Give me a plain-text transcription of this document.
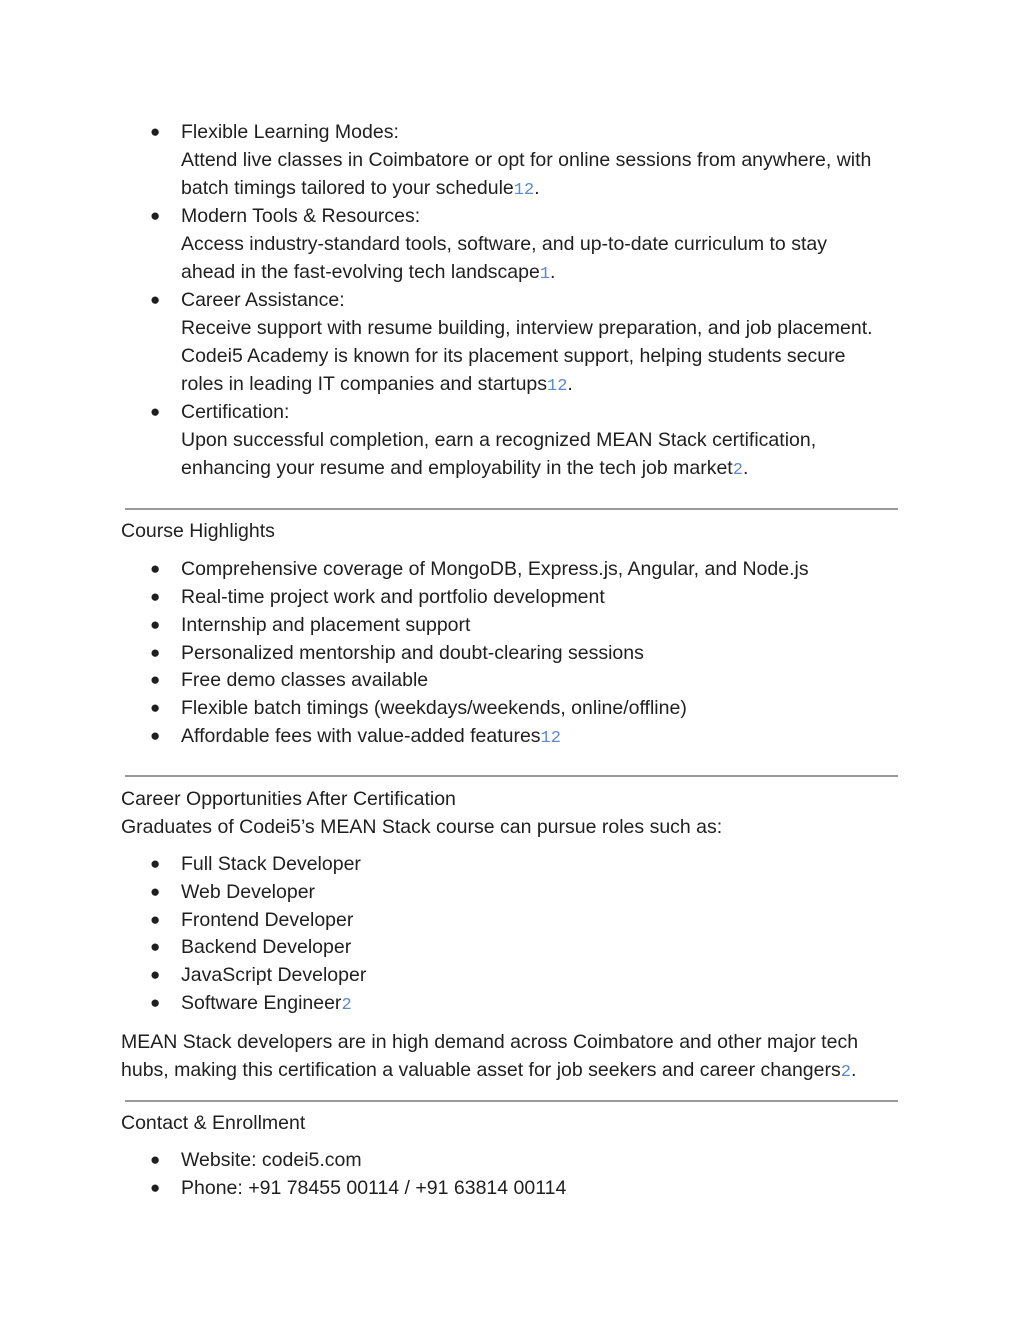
● Flexible Learning Modes:
Attend live classes in Coimbatore or opt for online sessions from anywhere, with
batch timings tailored to your schedule12.
● Modern Tools & Resources:
Access industry-standard tools, software, and up-to-date curriculum to stay
ahead in the fast-evolving tech landscape1.
● Career Assistance:
Receive support with resume building, interview preparation, and job placement.
Codei5 Academy is known for its placement support, helping students secure
roles in leading IT companies and startups12.
● Certification:
Upon successful completion, earn a recognized MEAN Stack certification,
enhancing your resume and employability in the tech job market2.
Course Highlights
● Comprehensive coverage of MongoDB, Express.js, Angular, and Node.js
● Real-time project work and portfolio development
● Internship and placement support
● Personalized mentorship and doubt-clearing sessions
● Free demo classes available
● Flexible batch timings (weekdays/weekends, online/offline)
● Affordable fees with value-added features12
Career Opportunities After Certification
Graduates of Codei5’s MEAN Stack course can pursue roles such as:
● Full Stack Developer
● Web Developer
● Frontend Developer
● Backend Developer
● JavaScript Developer
● Software Engineer2
MEAN Stack developers are in high demand across Coimbatore and other major tech
hubs, making this certification a valuable asset for job seekers and career changers2.
Contact & Enrollment
● Website: codei5.com
● Phone: +91 78455 00114 / +91 63814 00114
